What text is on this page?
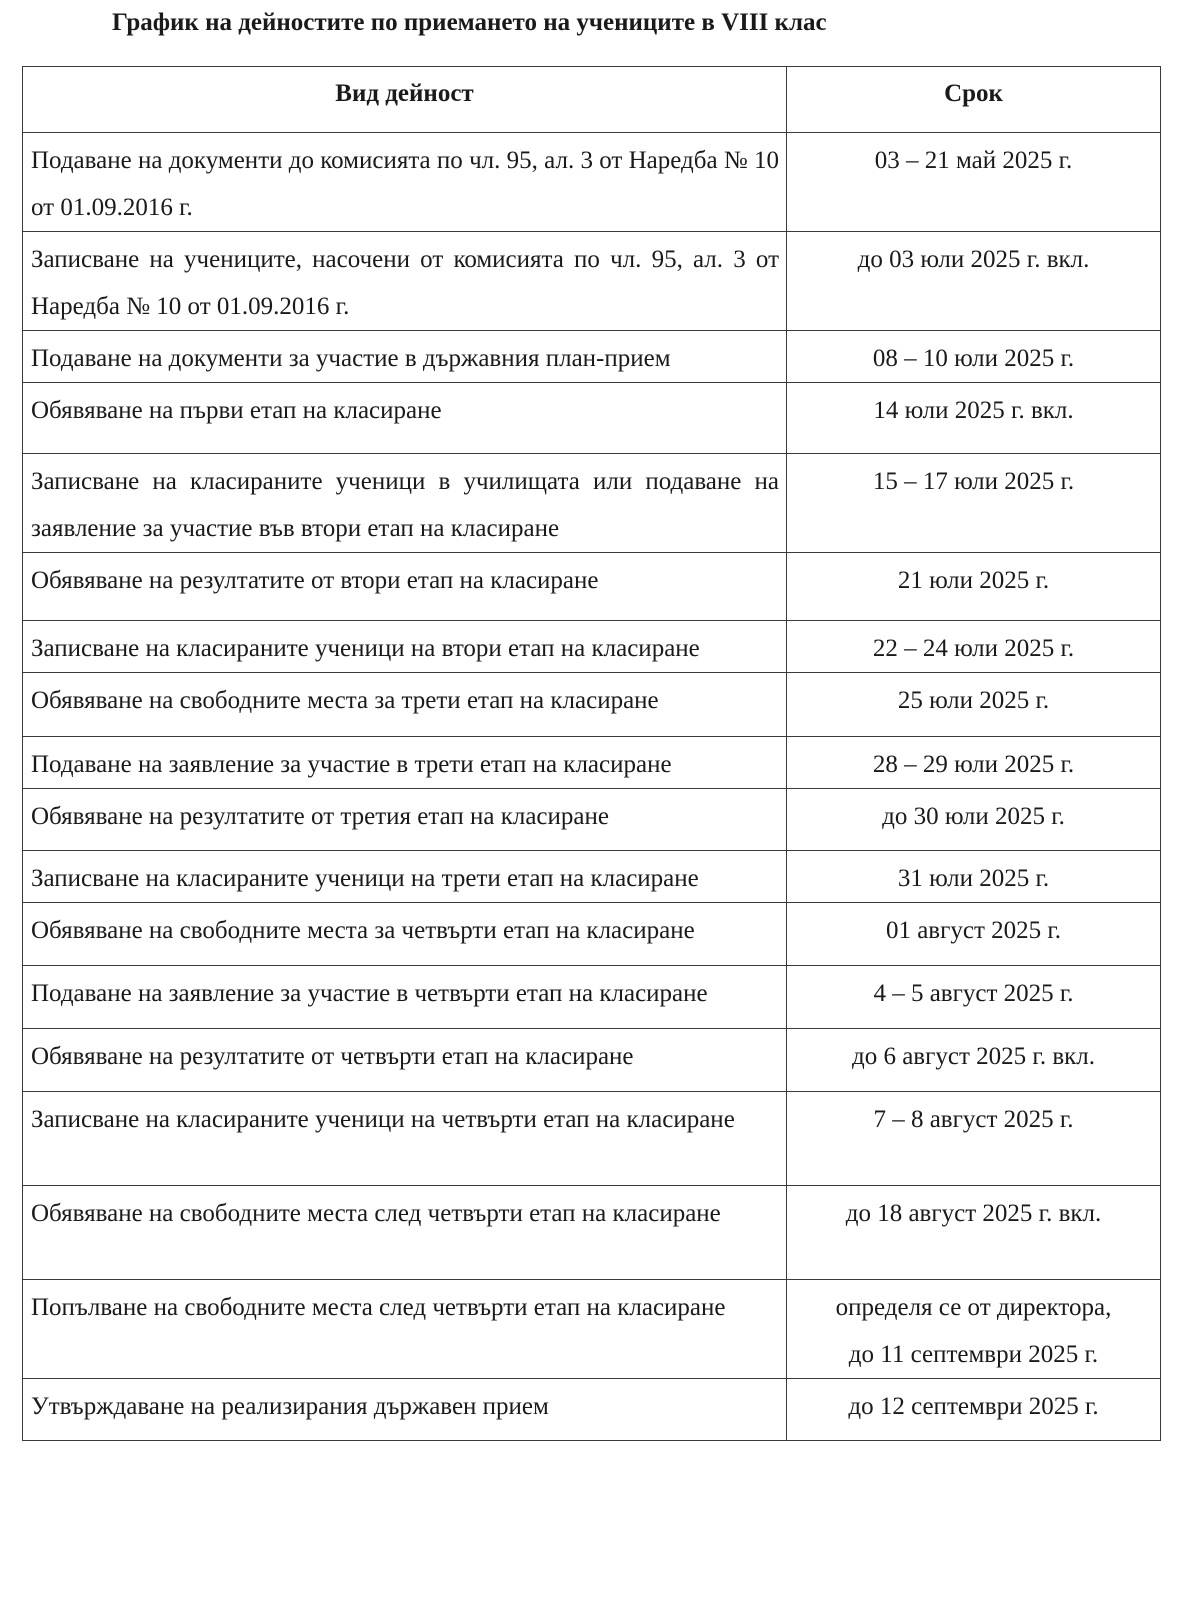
График на дейностите по приемането на учениците в VIII клас
Вид дейност	Срок
Подаване на документи до комисията по чл. 95, ал. 3 от Наредба № 10 от 01.09.2016 г.	03 – 21 май 2025 г.
Записване на учениците, насочени от комисията по чл. 95, ал. 3 от Наредба № 10 от 01.09.2016 г.	до 03 юли 2025 г. вкл.
Подаване на документи за участие в държавния план-прием	08 – 10 юли 2025 г.
Обявяване на първи етап на класиране	14 юли 2025 г. вкл.
Записване на класираните ученици в училищата или подаване на заявление за участие във втори етап на класиране	15 – 17 юли 2025 г.
Обявяване на резултатите от втори етап на класиране	21 юли 2025 г.
Записване на класираните ученици на втори етап на класиране	22 – 24 юли 2025 г.
Обявяване на свободните места за трети етап на класиране	25 юли 2025 г.
Подаване на заявление за участие в трети етап на класиране	28 – 29 юли 2025 г.
Обявяване на резултатите от третия етап на класиране	до 30 юли 2025 г.
Записване на класираните ученици на трети етап на класиране	31 юли 2025 г.
Обявяване на свободните места за четвърти етап на класиране	01 август 2025 г.
Подаване на заявление за участие в четвърти етап на класиране	4 – 5 август 2025 г.
Обявяване на резултатите от четвърти етап на класиране	до 6 август 2025 г. вкл.
Записване на класираните ученици на четвърти етап на класиране	7 – 8 август 2025 г.
Обявяване на свободните места след четвърти етап на класиране	до 18 август 2025 г. вкл.
Попълване на свободните места след четвърти етап на класиране	определя се от директора,
до 11 септември 2025 г.

Утвърждаване на реализирания държавен прием	до 12 септември 2025 г.
